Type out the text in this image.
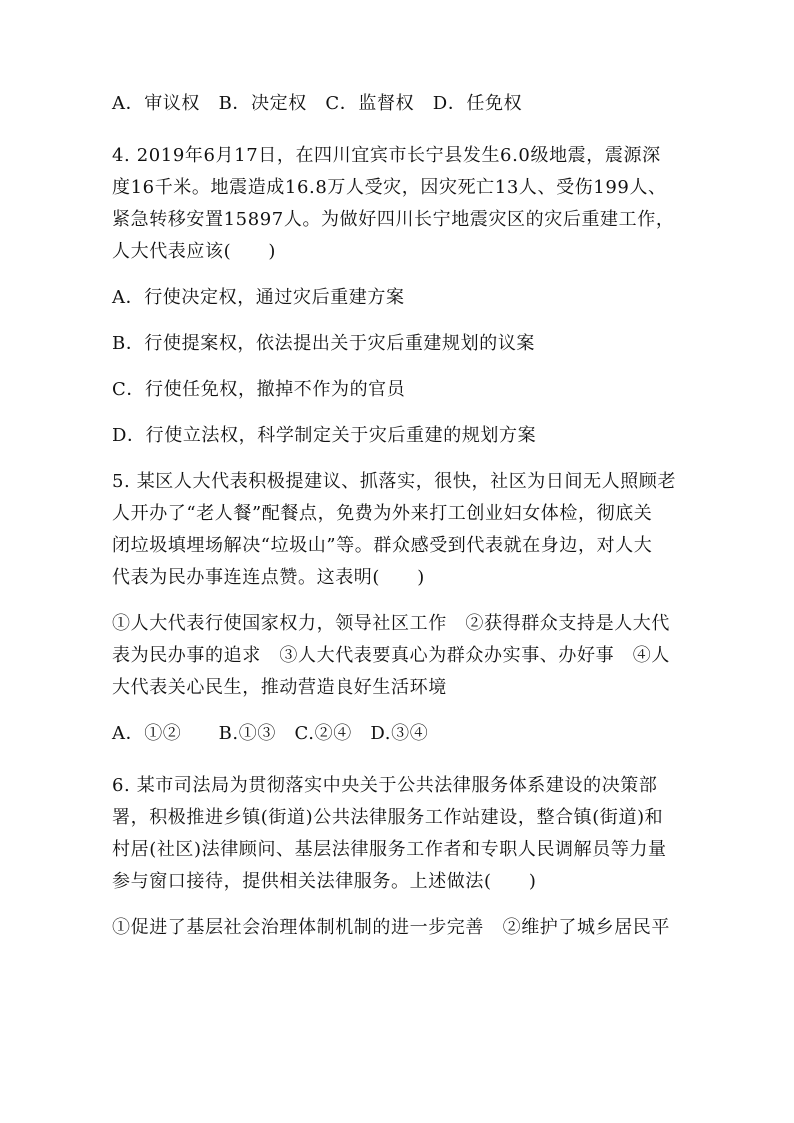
A．审议权　B．决定权　C．监督权　D．任免权
4. 2019年6月17日，在四川宜宾市长宁县发生6.0级地震，震源深
度16千米。地震造成16.8万人受灾，因灾死亡13人、受伤199人、
紧急转移安置15897人。为做好四川长宁地震灾区的灾后重建工作，
人大代表应该(　　)
A．行使决定权，通过灾后重建方案
B．行使提案权，依法提出关于灾后重建规划的议案
C．行使任免权，撤掉不作为的官员
D．行使立法权，科学制定关于灾后重建的规划方案
5. 某区人大代表积极提建议、抓落实，很快，社区为日间无人照顾老
人开办了“老人餐”配餐点，免费为外来打工创业妇女体检，彻底关
闭垃圾填埋场解决“垃圾山”等。群众感受到代表就在身边，对人大
代表为民办事连连点赞。这表明(　　)
①人大代表行使国家权力，领导社区工作　②获得群众支持是人大代
表为民办事的追求　③人大代表要真心为群众办实事、办好事　④人
大代表关心民生，推动营造良好生活环境
A．①②　　B.①③　C.②④　D.③④
6. 某市司法局为贯彻落实中央关于公共法律服务体系建设的决策部
署，积极推进乡镇(街道)公共法律服务工作站建设，整合镇(街道)和
村居(社区)法律顾问、基层法律服务工作者和专职人民调解员等力量
参与窗口接待，提供相关法律服务。上述做法(　　)
①促进了基层社会治理体制机制的进一步完善　②维护了城乡居民平
